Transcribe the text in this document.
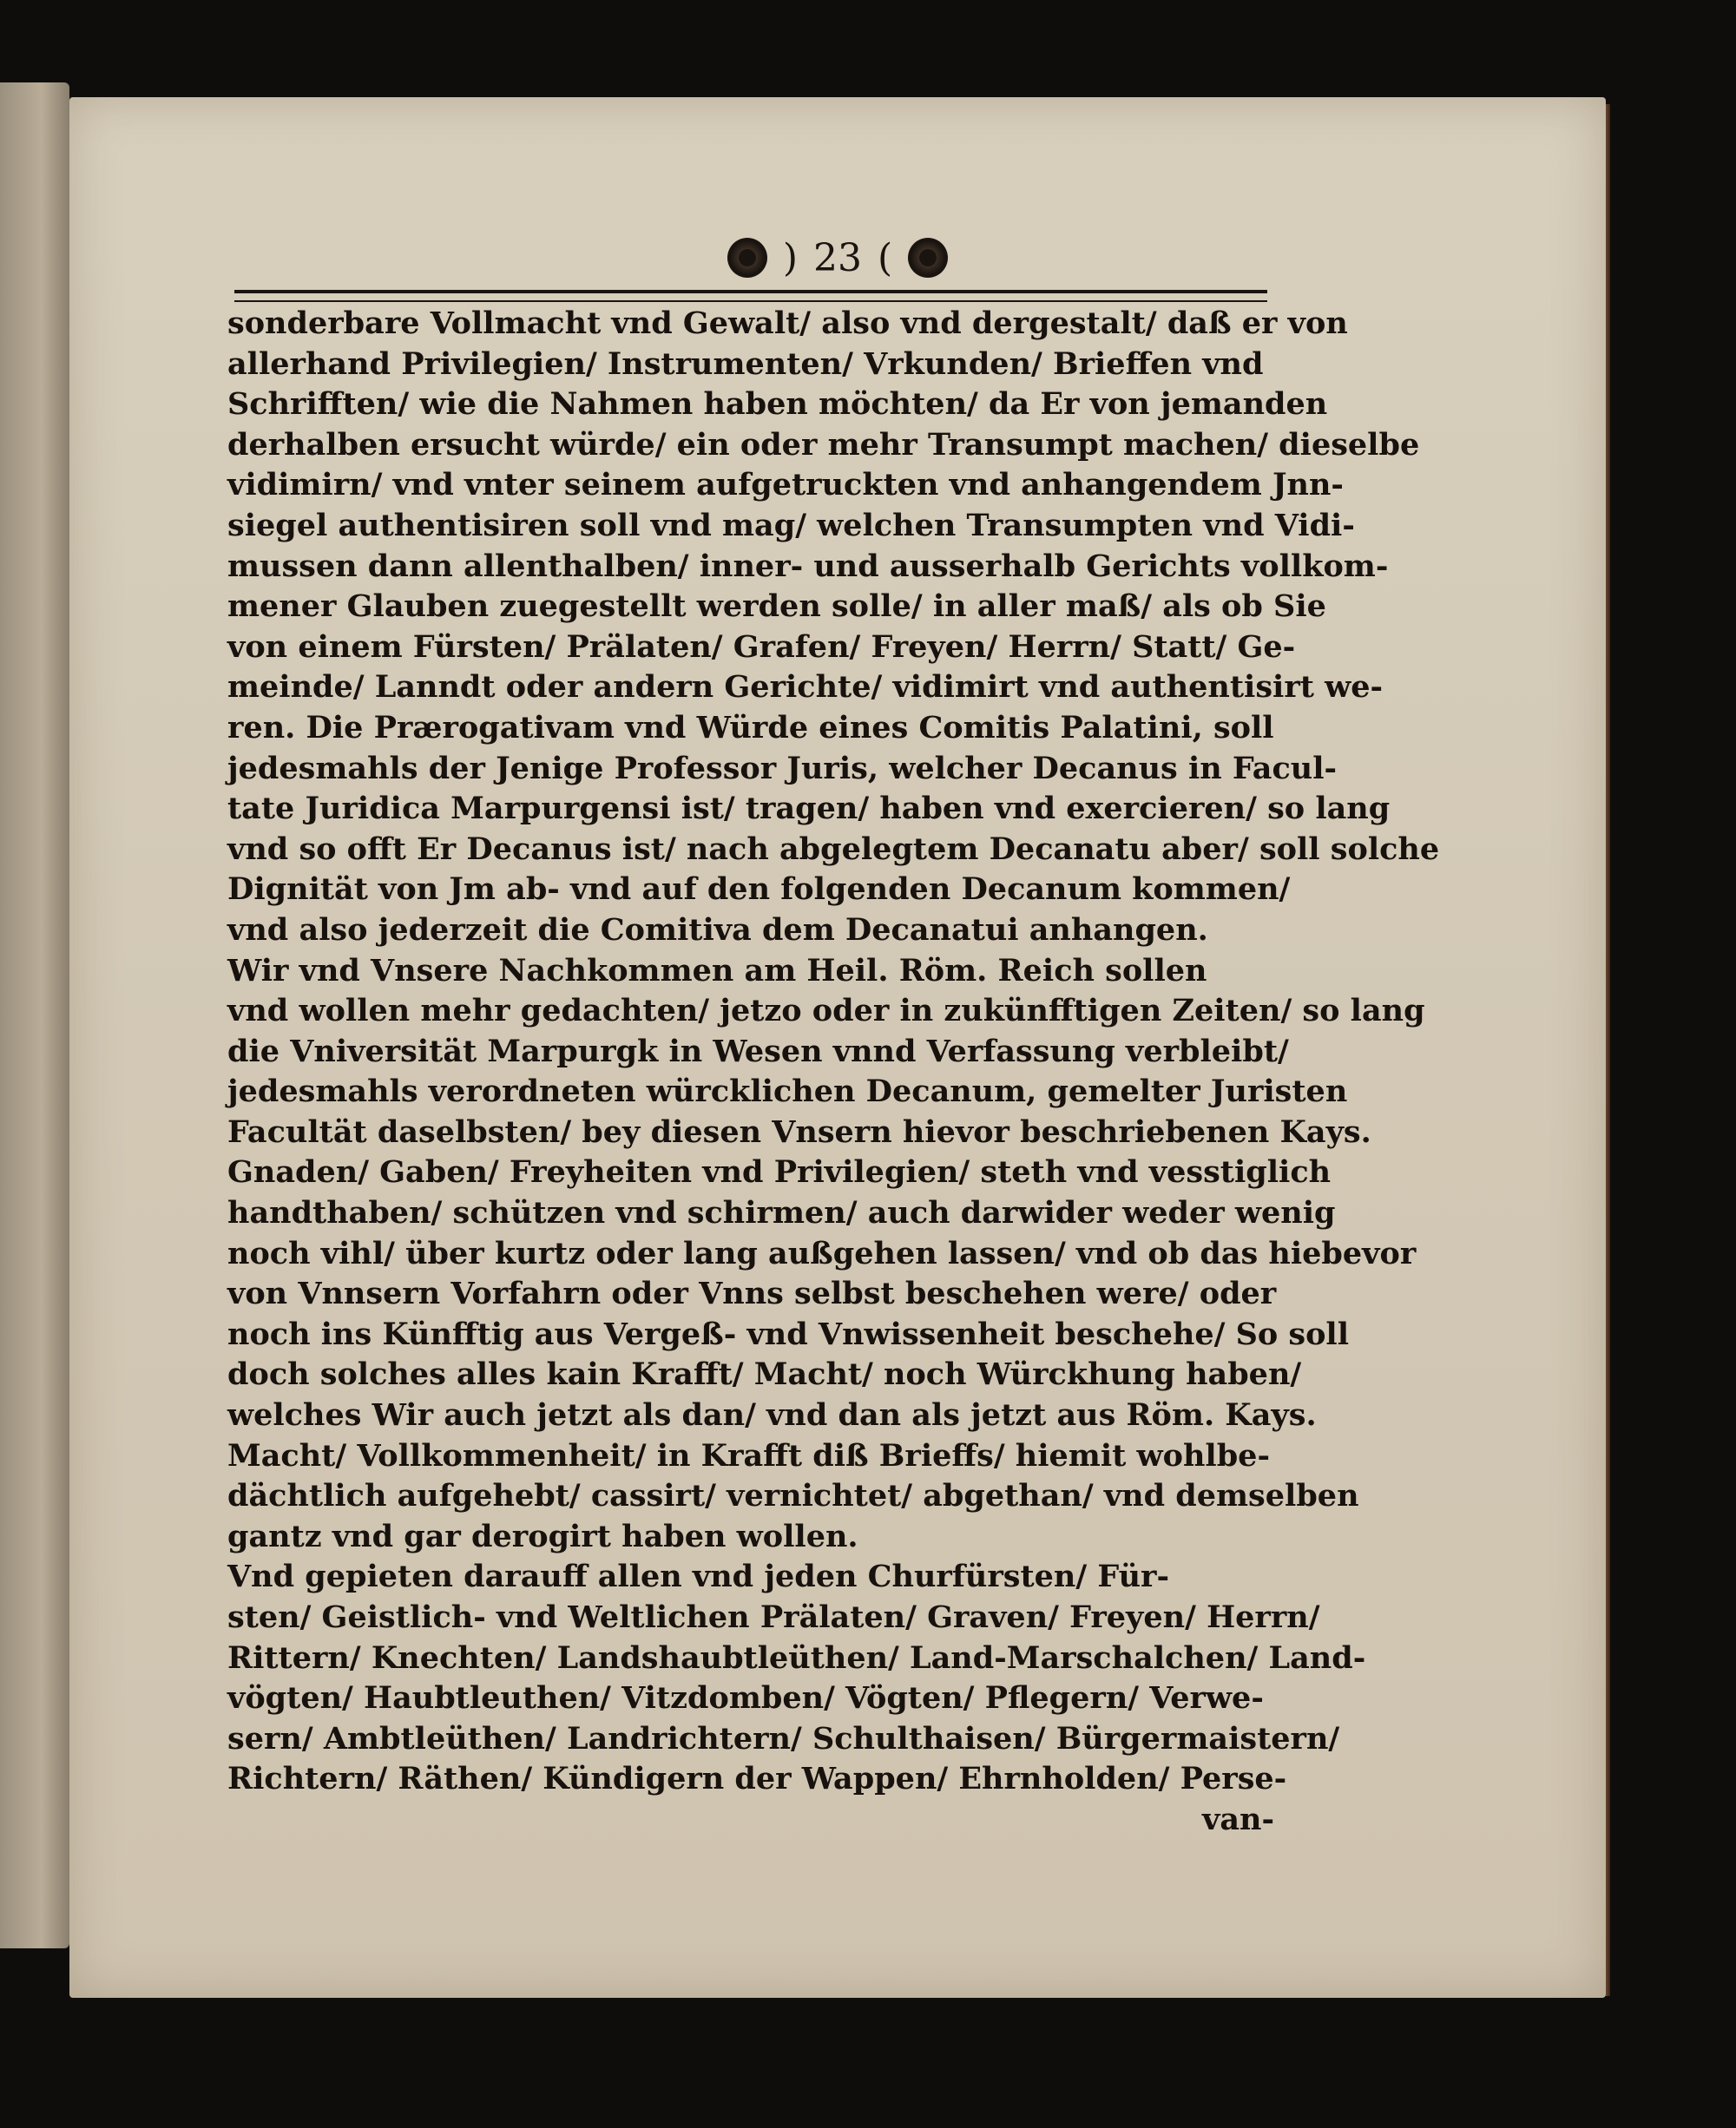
) 23 (
sonderbare Vollmacht vnd Gewalt/ also vnd dergestalt/ daß er von
allerhand Privilegien/ Instrumenten/ Vrkunden/ Brieffen vnd
Schrifften/ wie die Nahmen haben möchten/ da Er von jemanden
derhalben ersucht würde/ ein oder mehr Transumpt machen/ dieselbe
vidimirn/ vnd vnter seinem aufgetruckten vnd anhangendem Jnn-
siegel authentisiren soll vnd mag/ welchen Transumpten vnd Vidi-
mussen dann allenthalben/ inner- und ausserhalb Gerichts vollkom-
mener Glauben zuegestellt werden solle/ in aller maß/ als ob Sie
von einem Fürsten/ Prälaten/ Grafen/ Freyen/ Herrn/ Statt/ Ge-
meinde/ Lanndt oder andern Gerichte/ vidimirt vnd authentisirt we-
ren. Die Prærogativam vnd Würde eines Comitis Palatini, soll
jedesmahls der Jenige Professor Juris, welcher Decanus in Facul-
tate Juridica Marpurgensi ist/ tragen/ haben vnd exercieren/ so lang
vnd so offt Er Decanus ist/ nach abgelegtem Decanatu aber/ soll solche
Dignität von Jm ab- vnd auf den folgenden Decanum kommen/
vnd also jederzeit die Comitiva dem Decanatui anhangen.
Wir vnd Vnsere Nachkommen am Heil. Röm. Reich sollen
vnd wollen mehr gedachten/ jetzo oder in zukünfftigen Zeiten/ so lang
die Vniversität Marpurgk in Wesen vnnd Verfassung verbleibt/
jedesmahls verordneten würcklichen Decanum, gemelter Juristen
Facultät daselbsten/ bey diesen Vnsern hievor beschriebenen Kays.
Gnaden/ Gaben/ Freyheiten vnd Privilegien/ steth vnd vesstiglich
handthaben/ schützen vnd schirmen/ auch darwider weder wenig
noch vihl/ über kurtz oder lang außgehen lassen/ vnd ob das hiebevor
von Vnnsern Vorfahrn oder Vnns selbst beschehen were/ oder
noch ins Künfftig aus Vergeß- vnd Vnwissenheit beschehe/ So soll
doch solches alles kain Krafft/ Macht/ noch Würckhung haben/
welches Wir auch jetzt als dan/ vnd dan als jetzt aus Röm. Kays.
Macht/ Vollkommenheit/ in Krafft diß Brieffs/ hiemit wohlbe-
dächtlich aufgehebt/ cassirt/ vernichtet/ abgethan/ vnd demselben
gantz vnd gar derogirt haben wollen.
Vnd gepieten darauff allen vnd jeden Churfürsten/ Für-
sten/ Geistlich- vnd Weltlichen Prälaten/ Graven/ Freyen/ Herrn/
Rittern/ Knechten/ Landshaubtleüthen/ Land-Marschalchen/ Land-
vögten/ Haubtleuthen/ Vitzdomben/ Vögten/ Pflegern/ Verwe-
sern/ Ambtleüthen/ Landrichtern/ Schulthaisen/ Bürgermaistern/
Richtern/ Räthen/ Kündigern der Wappen/ Ehrnholden/ Perse-
van-
